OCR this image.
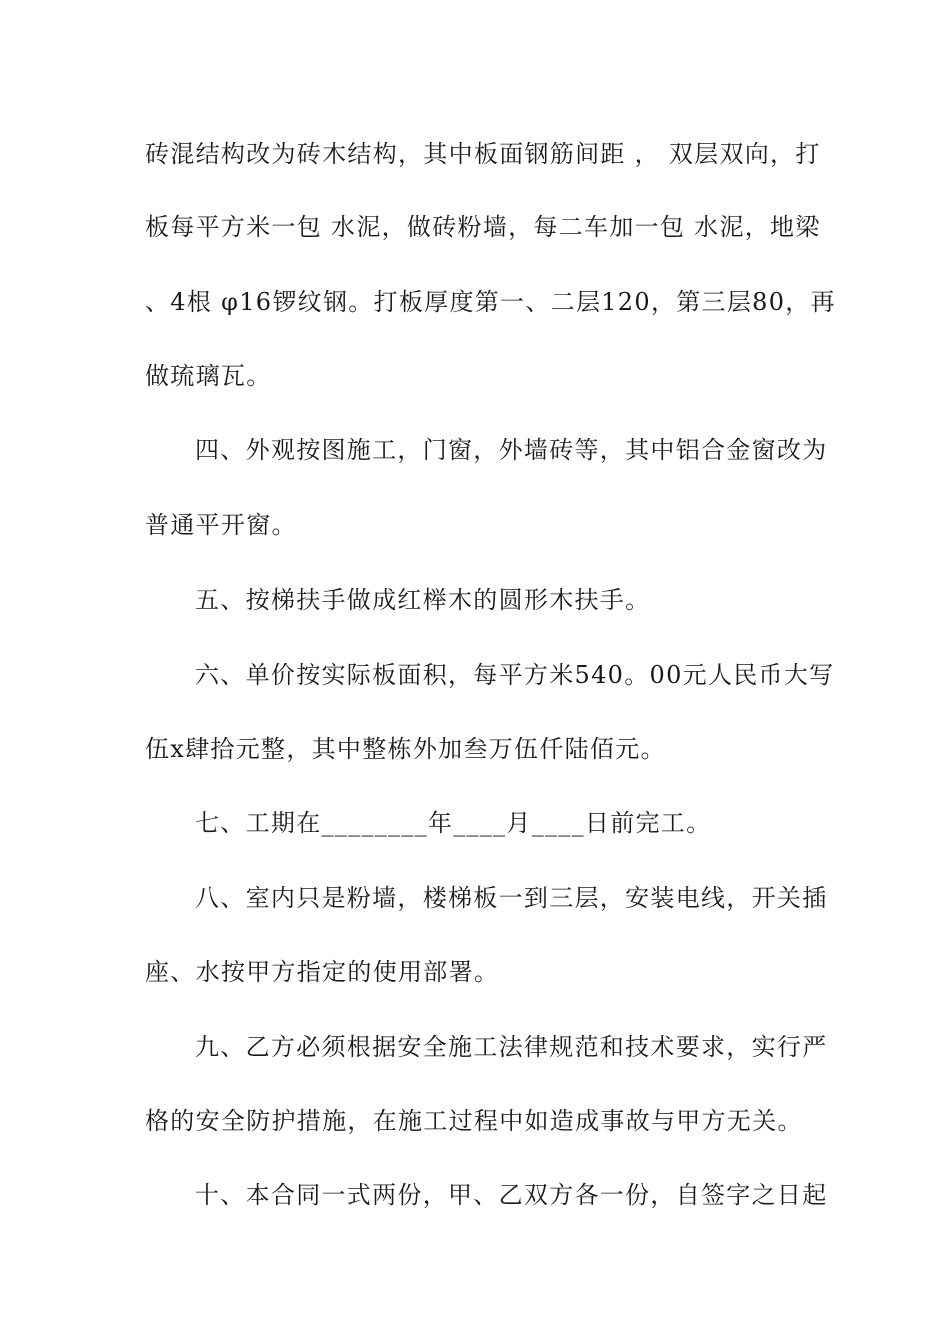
砖混结构改为砖木结构，其中板面钢筋间距 ， 双层双向，打
板每平方米一包 水泥，做砖粉墙，每二车加一包 水泥，地梁
、4根 φ16锣纹钢。打板厚度第一、二层120，第三层80，再
做琉璃瓦。
四、外观按图施工，门窗，外墙砖等，其中铝合金窗改为
普通平开窗。
五、按梯扶手做成红榉木的圆形木扶手。
六、单价按实际板面积，每平方米540。00元人民币大写
伍x肆拾元整，其中整栋外加叁万伍仟陆佰元。
七、工期在________年____月____日前完工。
八、室内只是粉墙，楼梯板一到三层，安装电线，开关插
座、水按甲方指定的使用部署。
九、乙方必须根据安全施工法律规范和技术要求，实行严
格的安全防护措施，在施工过程中如造成事故与甲方无关。
十、本合同一式两份，甲、乙双方各一份，自签字之日起
